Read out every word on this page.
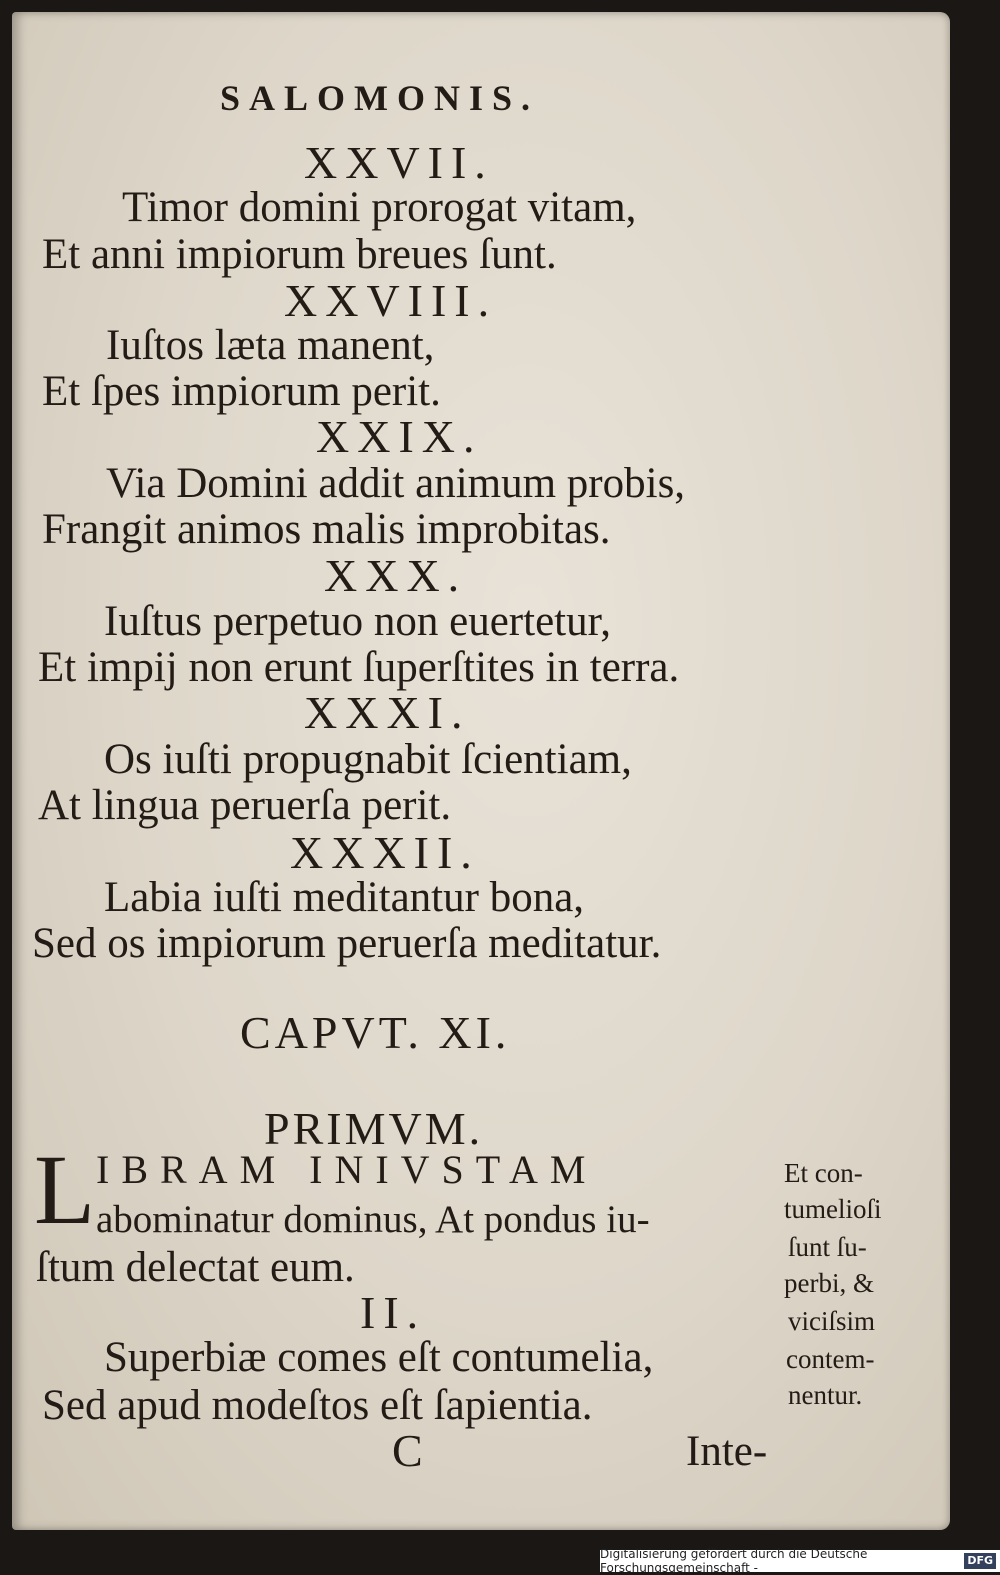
SALOMONIS.
XXVII.
Timor domini prorogat vitam,
Et anni impiorum breues ſunt.
XXVIII.
Iuſtos læta manent,
Et ſpes impiorum perit.
XXIX.
Via Domini addit animum probis,
Frangit animos malis improbitas.
XXX.
Iuſtus perpetuo non euertetur,
Et impij non erunt ſuperſtites in terra.
XXXI.
Os iuſti propugnabit ſcientiam,
At lingua peruerſa perit.
XXXII.
Labia iuſti meditantur bona,
Sed os impiorum peruerſa meditatur.
CAPVT. XI.
PRIMVM.
L IBRAM INIVSTAM
abominatur dominus, At pondus iu-
ſtum delectat eum.
II.
Superbiæ comes eſt contumelia,
Sed apud modeſtos eſt ſapientia.
Et con-
tumelioſi
ſunt ſu-
perbi, &
viciſsim
contem-
nentur.
C	Inte-
Digitalisierung gefördert durch die Deutsche Forschungsgemeinschaft -
DFG
